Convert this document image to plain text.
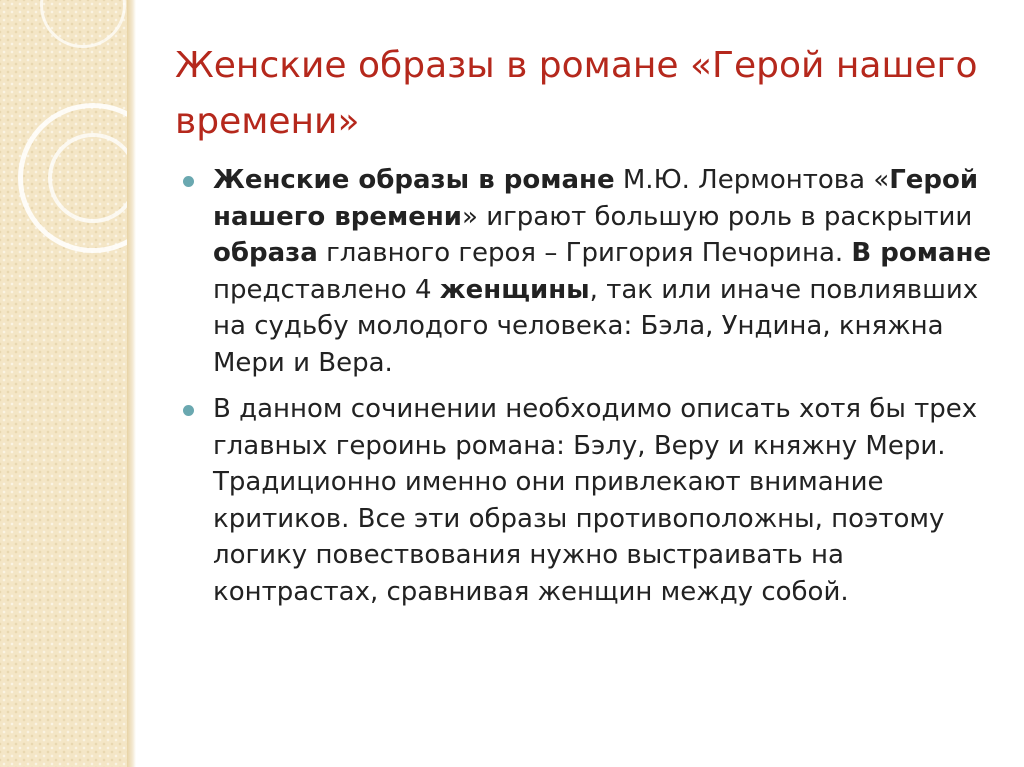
Женские образы в романе «Герой нашего времени»
Женские образы в романе М.Ю. Лермонтова «Герой нашего времени» играют большую роль в раскрытии образа главного героя – Григория Печорина. В романе представлено 4 женщины, так или иначе повлиявших на судьбу молодого человека: Бэла, Ундина, княжна Мери и Вера.
В данном сочинении необходимо описать хотя бы трех главных героинь романа: Бэлу, Веру и княжну Мери. Традиционно именно они привлекают внимание критиков. Все эти образы противоположны, поэтому логику повествования нужно выстраивать на контрастах, сравнивая женщин между собой.
